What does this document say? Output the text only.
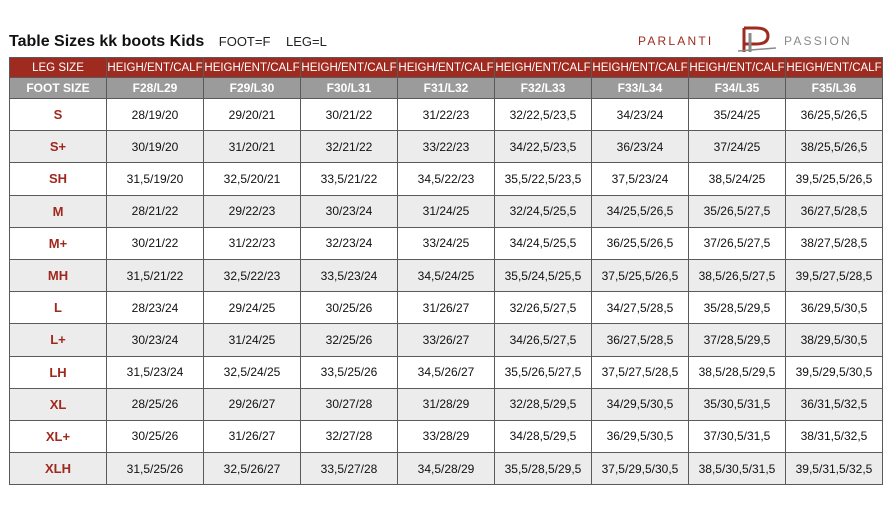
Table Sizes kk boots Kids FOOT=F LEG=L	PARLANTI	PASSION
LEG SIZE	HEIGH/ENT/CALF	HEIGH/ENT/CALF	HEIGH/ENT/CALF	HEIGH/ENT/CALF	HEIGH/ENT/CALF	HEIGH/ENT/CALF	HEIGH/ENT/CALF	HEIGH/ENT/CALF
FOOT SIZE	F28/L29	F29/L30	F30/L31	F31/L32	F32/L33	F33/L34	F34/L35	F35/L36
S	28/19/20	29/20/21	30/21/22	31/22/23	32/22,5/23,5	34/23/24	35/24/25	36/25,5/26,5
S+	30/19/20	31/20/21	32/21/22	33/22/23	34/22,5/23,5	36/23/24	37/24/25	38/25,5/26,5
SH	31,5/19/20	32,5/20/21	33,5/21/22	34,5/22/23	35,5/22,5/23,5	37,5/23/24	38,5/24/25	39,5/25,5/26,5
M	28/21/22	29/22/23	30/23/24	31/24/25	32/24,5/25,5	34/25,5/26,5	35/26,5/27,5	36/27,5/28,5
M+	30/21/22	31/22/23	32/23/24	33/24/25	34/24,5/25,5	36/25,5/26,5	37/26,5/27,5	38/27,5/28,5
MH	31,5/21/22	32,5/22/23	33,5/23/24	34,5/24/25	35,5/24,5/25,5	37,5/25,5/26,5	38,5/26,5/27,5	39,5/27,5/28,5
L	28/23/24	29/24/25	30/25/26	31/26/27	32/26,5/27,5	34/27,5/28,5	35/28,5/29,5	36/29,5/30,5
L+	30/23/24	31/24/25	32/25/26	33/26/27	34/26,5/27,5	36/27,5/28,5	37/28,5/29,5	38/29,5/30,5
LH	31,5/23/24	32,5/24/25	33,5/25/26	34,5/26/27	35,5/26,5/27,5	37,5/27,5/28,5	38,5/28,5/29,5	39,5/29,5/30,5
XL	28/25/26	29/26/27	30/27/28	31/28/29	32/28,5/29,5	34/29,5/30,5	35/30,5/31,5	36/31,5/32,5
XL+	30/25/26	31/26/27	32/27/28	33/28/29	34/28,5/29,5	36/29,5/30,5	37/30,5/31,5	38/31,5/32,5
XLH	31,5/25/26	32,5/26/27	33,5/27/28	34,5/28/29	35,5/28,5/29,5	37,5/29,5/30,5	38,5/30,5/31,5	39,5/31,5/32,5
